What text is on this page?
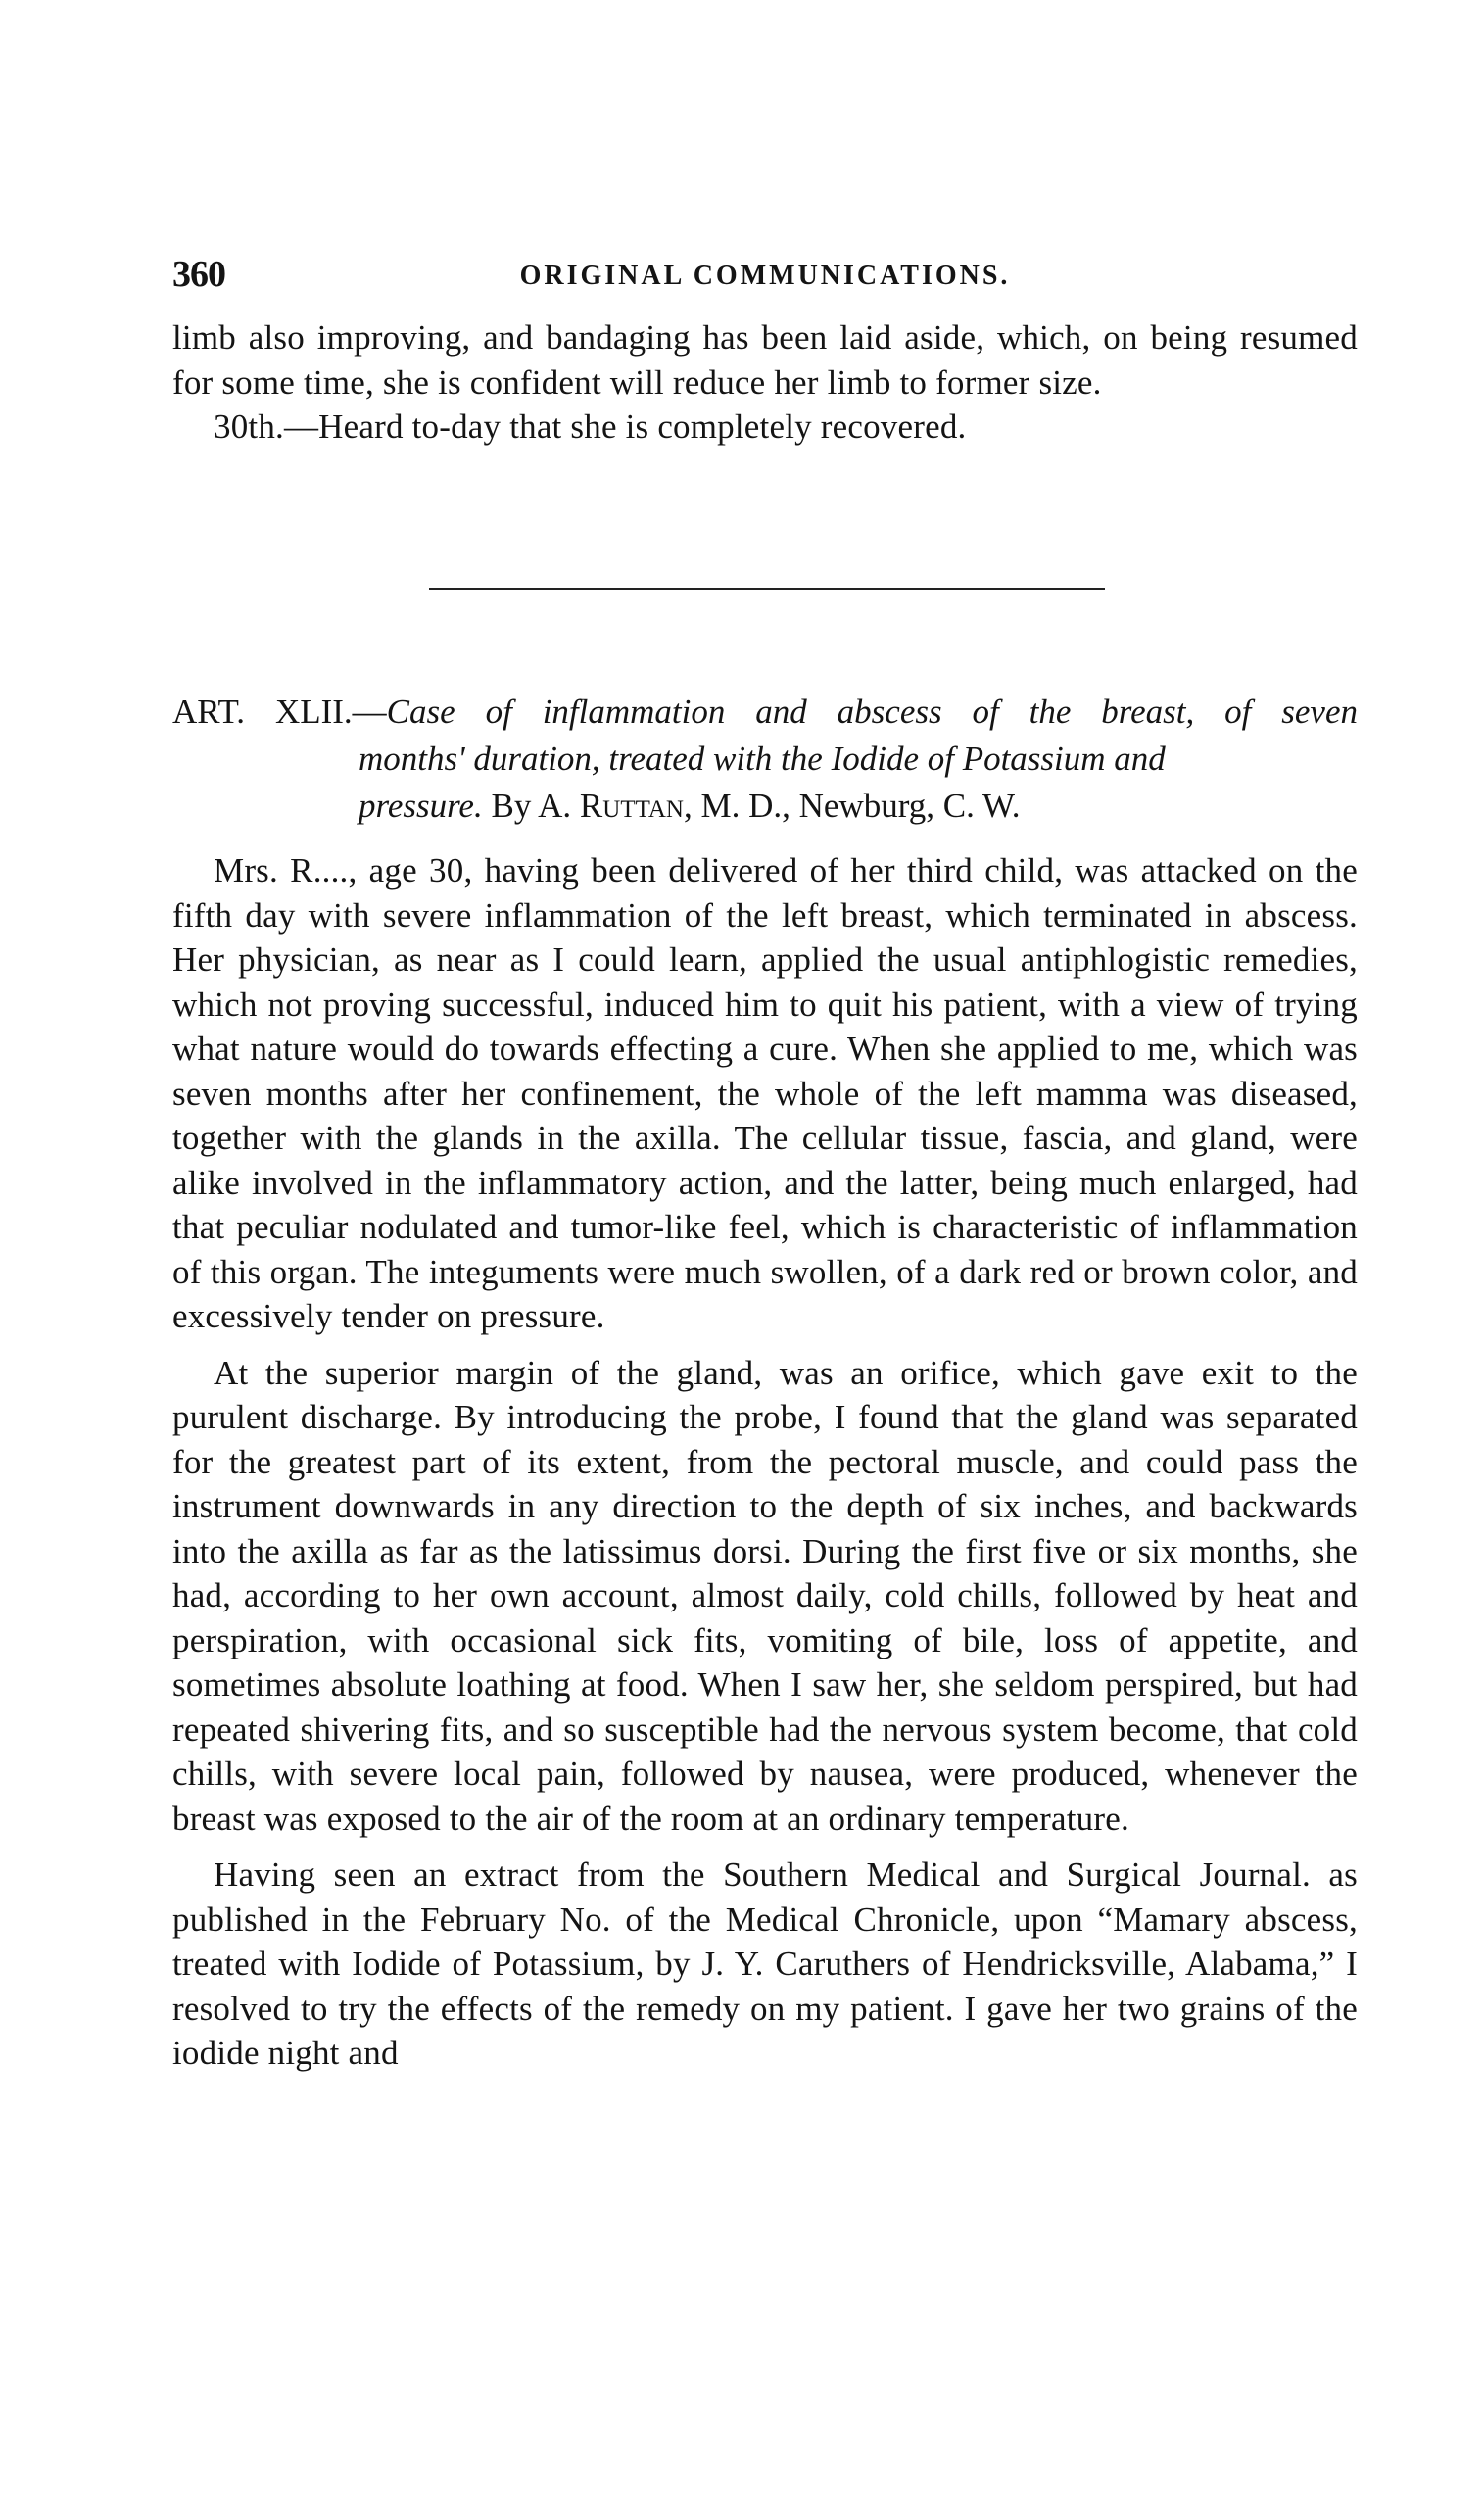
360	ORIGINAL COMMUNICATIONS.

limb also improving, and bandaging has been laid aside, which, on being resumed for some time, she is confident will reduce her limb to former size.

30th.—Heard to-day that she is completely recovered.

ART. XLII.—Case of inflammation and abscess of the breast, of seven
months' duration, treated with the Iodide of Potassium and
pressure. By A. Ruttan, M. D., Newburg, C. W.

Mrs. R...., age 30, having been delivered of her third child, was attacked on the fifth day with severe inflammation of the left breast, which terminated in abscess. Her physician, as near as I could learn, applied the usual antiphlogistic remedies, which not proving successful, induced him to quit his patient, with a view of trying what nature would do towards effecting a cure. When she applied to me, which was seven months after her confinement, the whole of the left mamma was diseased, together with the glands in the axilla. The cellular tissue, fascia, and gland, were alike involved in the inflammatory action, and the latter, being much enlarged, had that peculiar nodulated and tumor-like feel, which is characteristic of inflammation of this organ. The integuments were much swollen, of a dark red or brown color, and excessively tender on pressure.

At the superior margin of the gland, was an orifice, which gave exit to the purulent discharge. By introducing the probe, I found that the gland was separated for the greatest part of its extent, from the pectoral muscle, and could pass the instrument downwards in any direction to the depth of six inches, and backwards into the axilla as far as the latissimus dorsi. During the first five or six months, she had, according to her own account, almost daily, cold chills, followed by heat and perspiration, with occasional sick fits, vomiting of bile, loss of appetite, and sometimes absolute loathing at food. When I saw her, she seldom perspired, but had repeated shivering fits, and so susceptible had the nervous system become, that cold chills, with severe local pain, followed by nausea, were produced, whenever the breast was exposed to the air of the room at an ordinary temperature.

Having seen an extract from the Southern Medical and Surgical Journal. as published in the February No. of the Medical Chronicle, upon “Mamary abscess, treated with Iodide of Potassium, by J. Y. Caruthers of Hendricksville, Alabama,” I resolved to try the effects of the remedy on my patient. I gave her two grains of the iodide night and
